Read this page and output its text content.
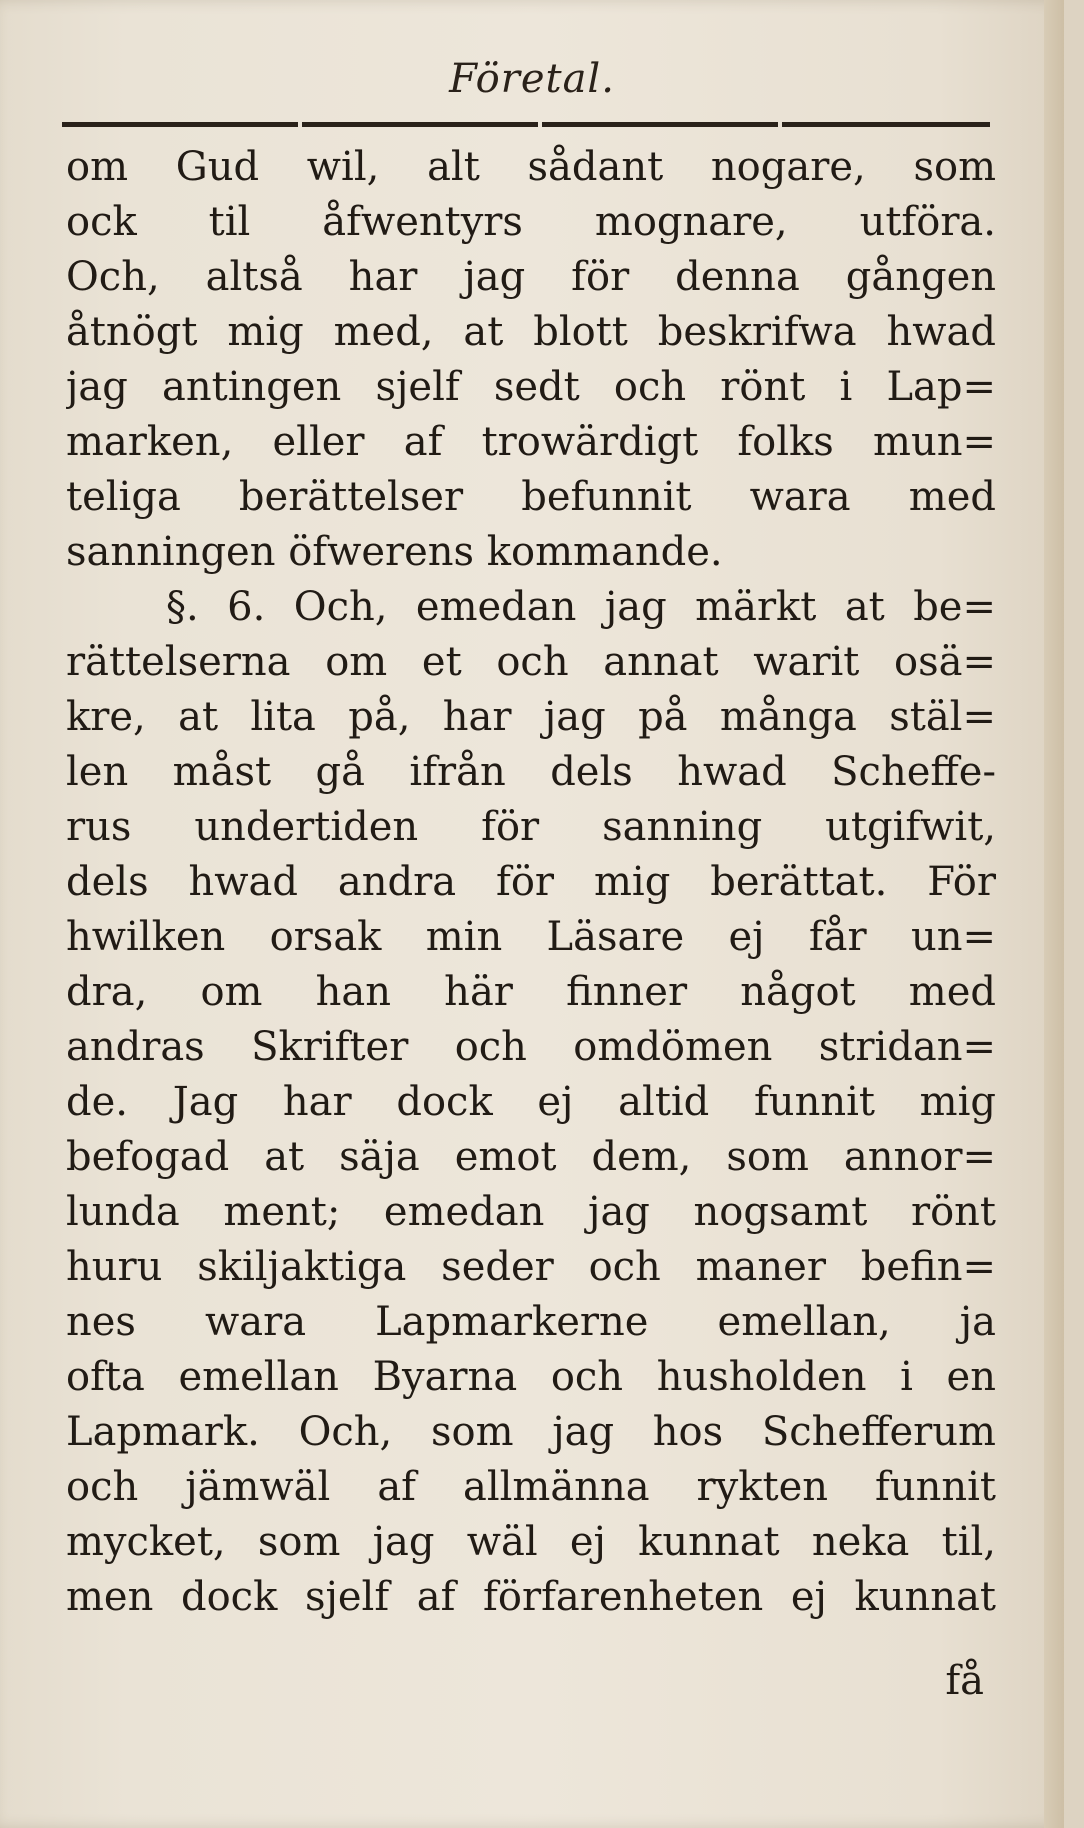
Företal.
om Gud wil, alt sådant nogare, som
ock til åfwentyrs mognare, utföra.
Och, altså har jag för denna gången
åtnögt mig med, at blott beskrifwa hwad
jag antingen sjelf sedt och rönt i Lap=
marken, eller af trowärdigt folks mun=
teliga berättelser befunnit wara med
sanningen öfwerens kommande.
§. 6. Och, emedan jag märkt at be=
rättelserna om et och annat warit osä=
kre, at lita på, har jag på många stäl=
len måst gå ifrån dels hwad Scheffe-
rus undertiden för sanning utgifwit,
dels hwad andra för mig berättat. För
hwilken orsak min Läsare ej får un=
dra, om han här finner något med
andras Skrifter och omdömen stridan=
de. Jag har dock ej altid funnit mig
befogad at säja emot dem, som annor=
lunda ment; emedan jag nogsamt rönt
huru skiljaktiga seder och maner befin=
nes wara Lapmarkerne emellan, ja
ofta emellan Byarna och husholden i en
Lapmark. Och, som jag hos Schefferum
och jämwäl af allmänna rykten funnit
mycket, som jag wäl ej kunnat neka til,
men dock sjelf af förfarenheten ej kunnat
få
